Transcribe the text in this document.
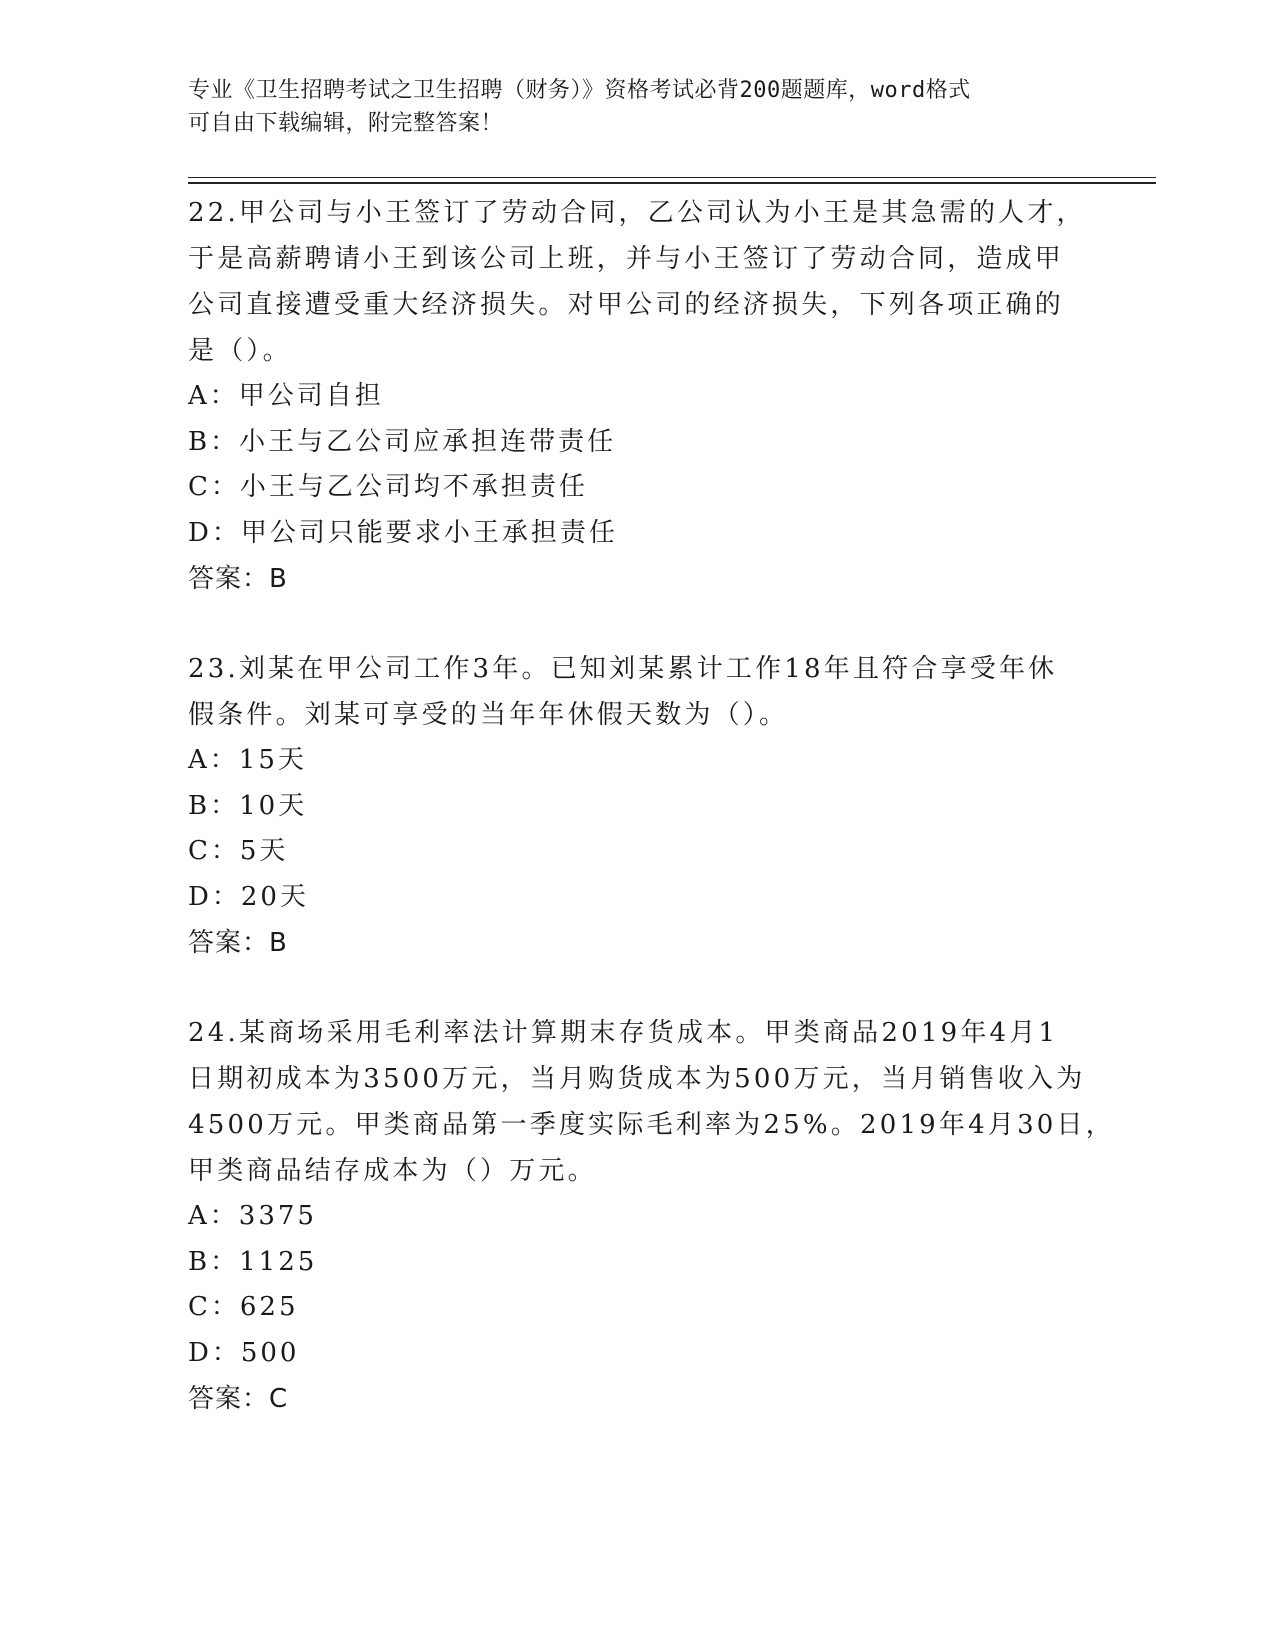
专业《卫生招聘考试之卫生招聘（财务）》资格考试必背200题题库，word格式
可自由下载编辑，附完整答案！
22.甲公司与小王签订了劳动合同，乙公司认为小王是其急需的人才，
于是高薪聘请小王到该公司上班，并与小王签订了劳动合同，造成甲
公司直接遭受重大经济损失。对甲公司的经济损失，下列各项正确的
是（）。
A：甲公司自担
B：小王与乙公司应承担连带责任
C：小王与乙公司均不承担责任
D：甲公司只能要求小王承担责任
答案：B
23.刘某在甲公司工作3年。已知刘某累计工作18年且符合享受年休
假条件。刘某可享受的当年年休假天数为（）。
A：15天
B：10天
C：5天
D：20天
答案：B
24.某商场采用毛利率法计算期末存货成本。甲类商品2019年4月1
日期初成本为3500万元，当月购货成本为500万元，当月销售收入为
4500万元。甲类商品第一季度实际毛利率为25%。2019年4月30日，
甲类商品结存成本为（）万元。
A：3375
B：1125
C：625
D：500
答案：C
